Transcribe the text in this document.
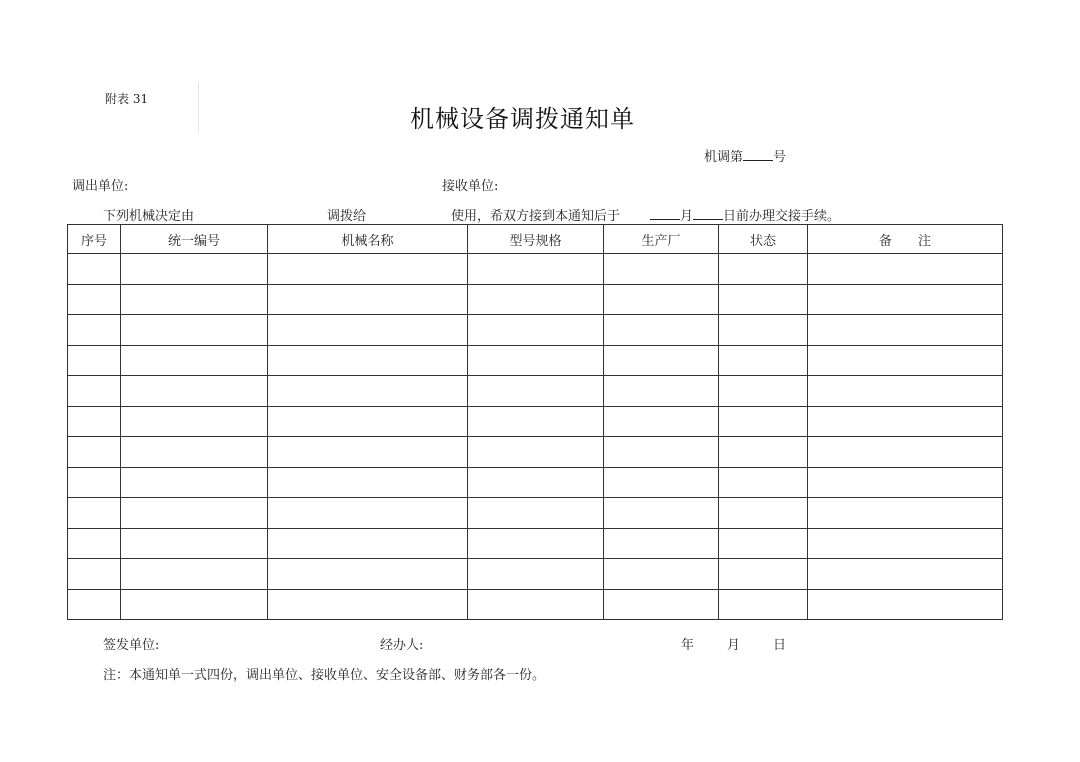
附表 31
机械设备调拨通知单
机调第 号
调出单位:	接收单位:
下列机械决定由	调拨给	使用，希双方接到本通知后于	月 日前办理交接手续。
序号	统一编号	机械名称	型号规格	生产厂	状态	备　　注

签发单位:	经办人:	年	月	日
注：本通知单一式四份，调出单位、接收单位、安全设备部、财务部各一份。
